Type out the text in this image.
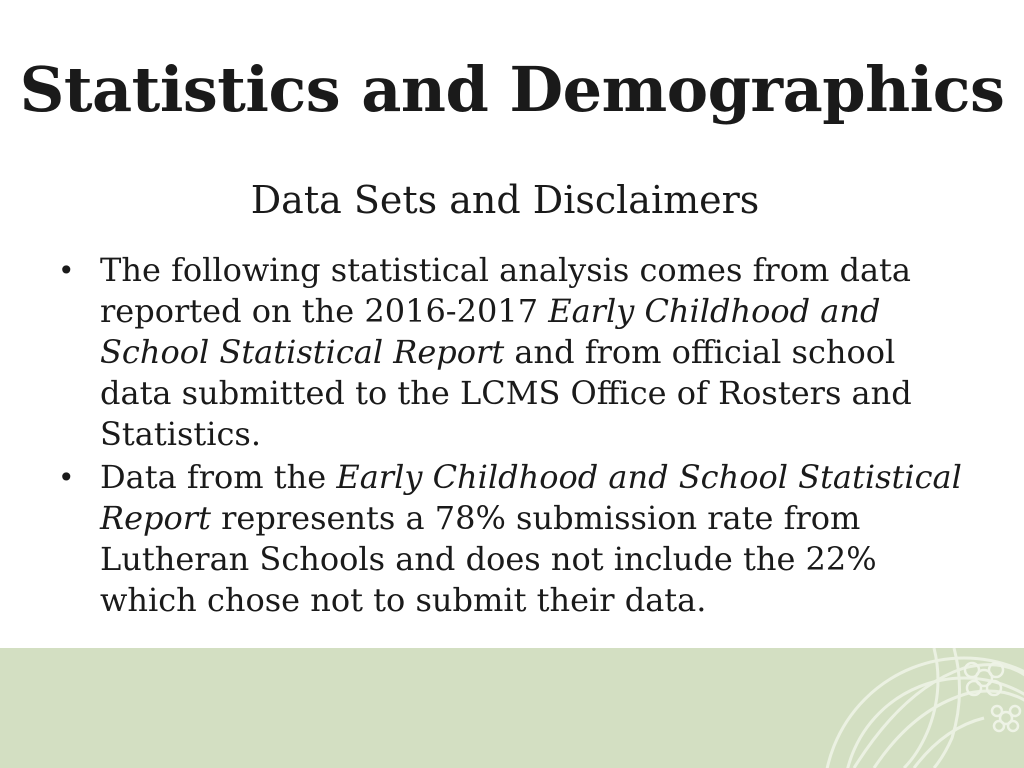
Statistics and Demographics
Data Sets and Disclaimers
• The following statistical analysis comes from data reported on the 2016-2017 Early Childhood and School Statistical Report and from official school data submitted to the LCMS Office of Rosters and Statistics.
• Data from the Early Childhood and School Statistical Report represents a 78% submission rate from Lutheran Schools and does not include the 22% which chose not to submit their data.
